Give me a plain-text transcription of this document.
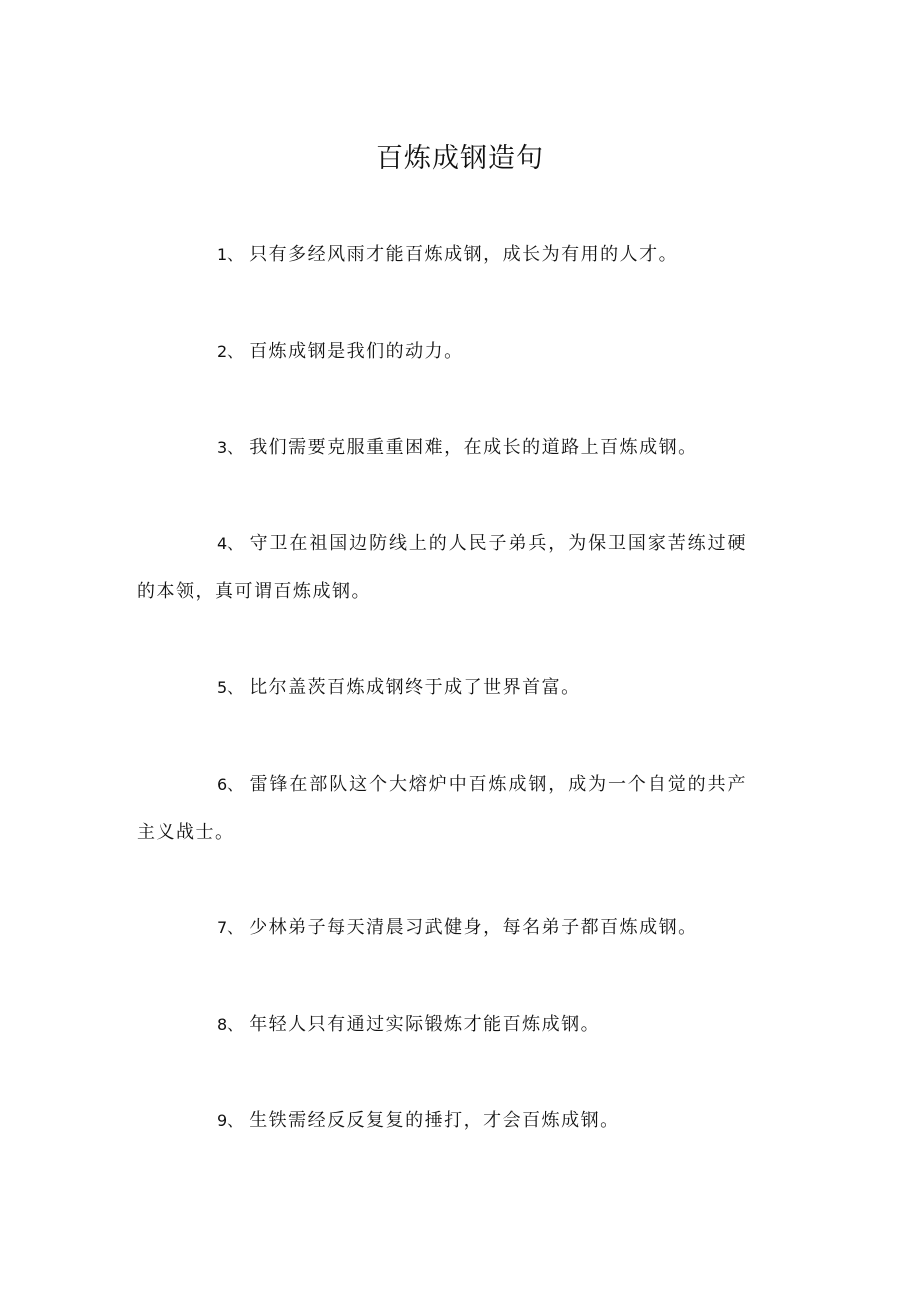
百炼成钢造句
1、 只有多经风雨才能百炼成钢，成长为有用的人才。
2、 百炼成钢是我们的动力。
3、 我们需要克服重重困难，在成长的道路上百炼成钢。
4、 守卫在祖国边防线上的人民子弟兵，为保卫国家苦练过硬的本领，真可谓百炼成钢。
5、 比尔盖茨百炼成钢终于成了世界首富。
6、 雷锋在部队这个大熔炉中百炼成钢，成为一个自觉的共产主义战士。
7、 少林弟子每天清晨习武健身，每名弟子都百炼成钢。
8、 年轻人只有通过实际锻炼才能百炼成钢。
9、 生铁需经反反复复的捶打，才会百炼成钢。
